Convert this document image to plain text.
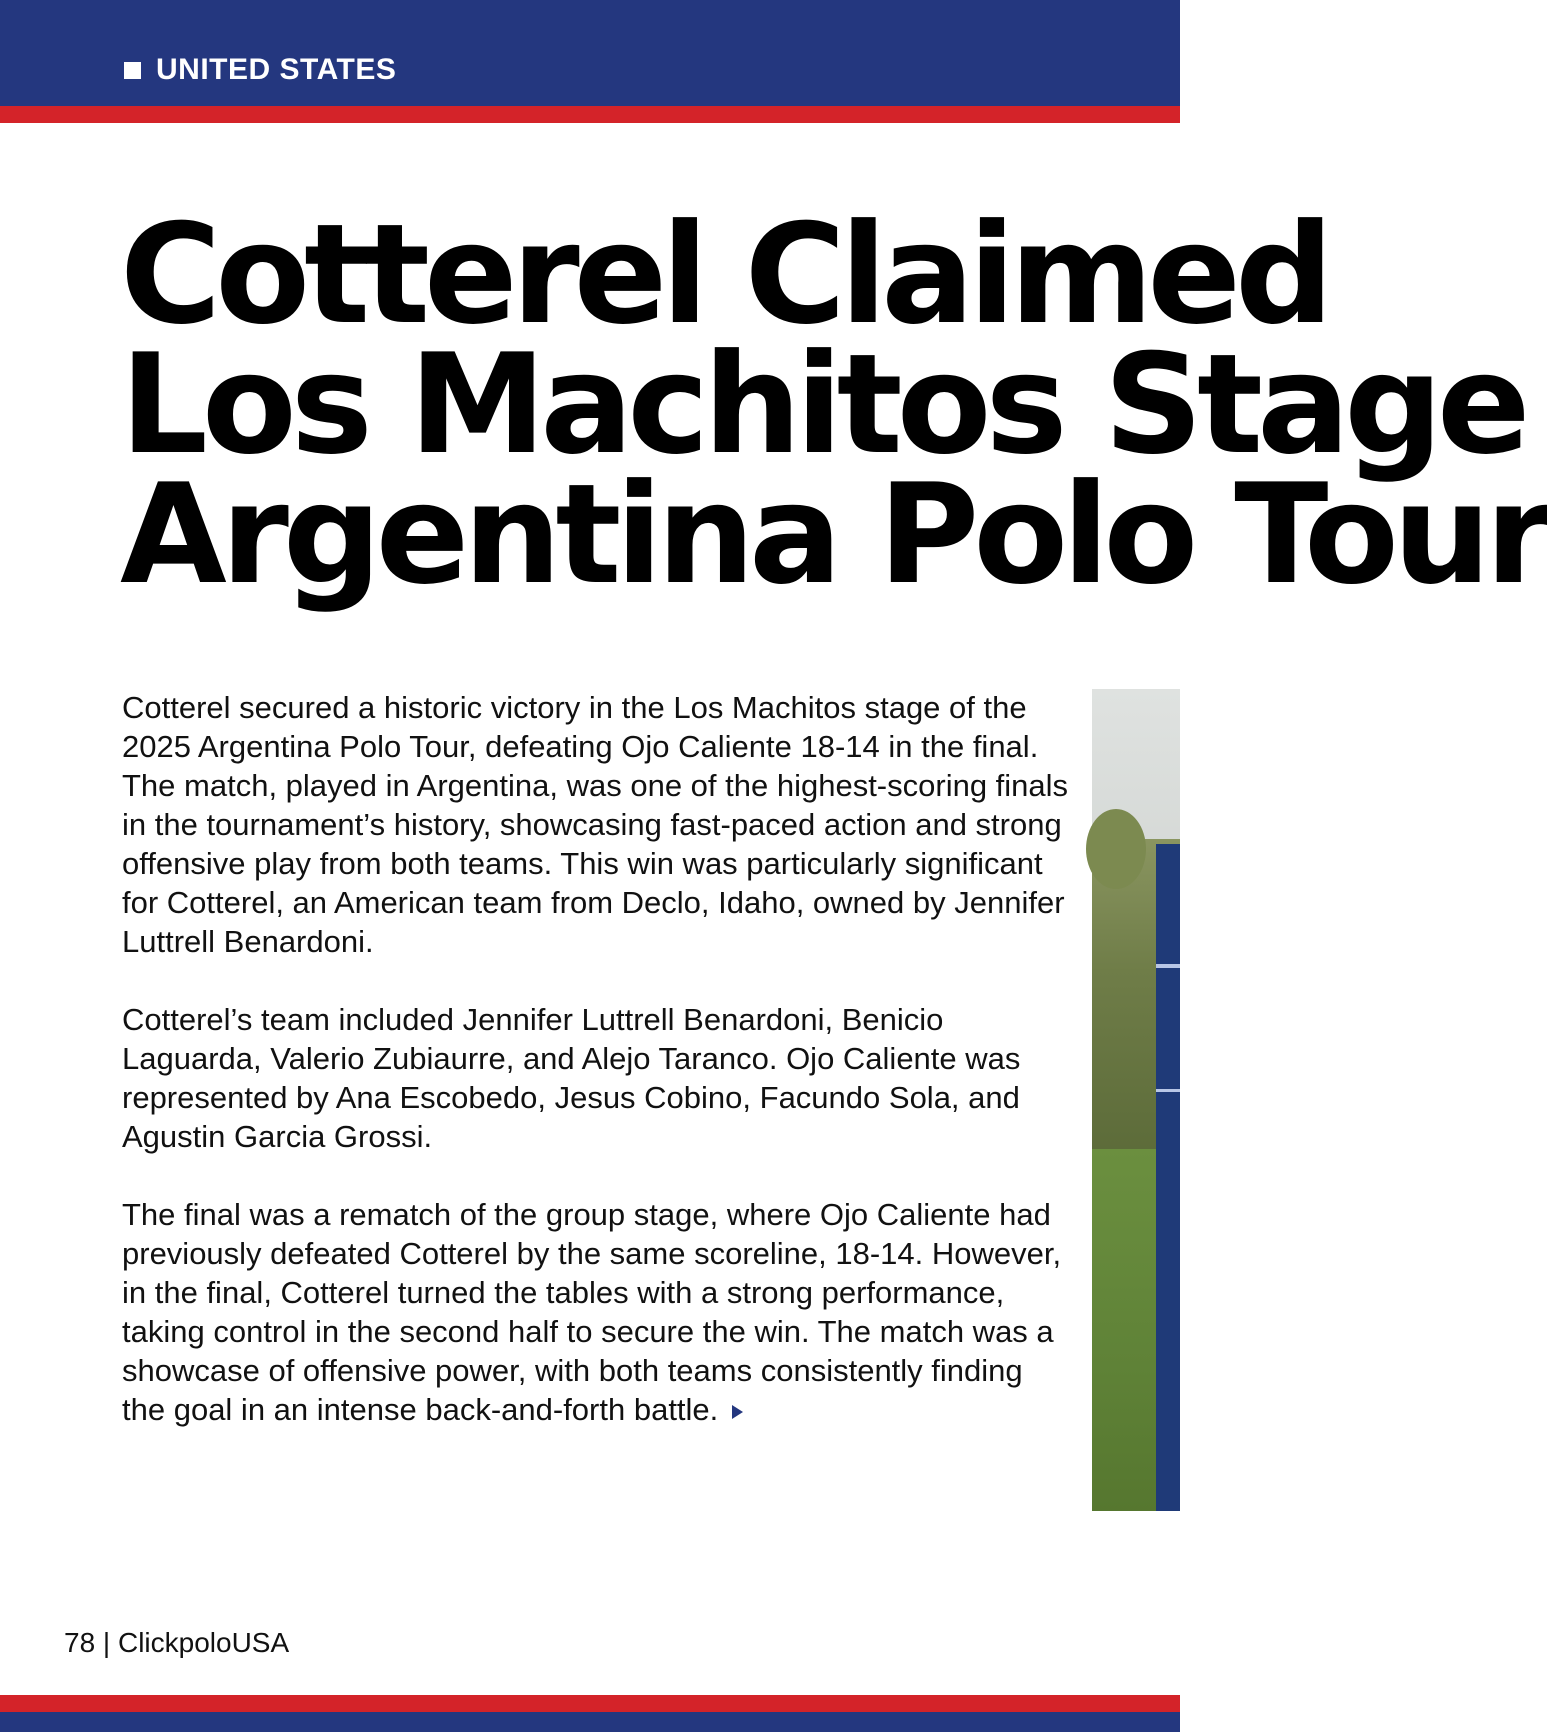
UNITED STATES
Cotterel Claimed
Los Machitos Stage
Argentina Polo Tour

Cotterel secured a historic victory in the Los Machitos stage of the 2025 Argentina Polo Tour, defeating Ojo Caliente 18-14 in the final. The match, played in Argentina, was one of the highest-scoring finals in the tournament’s history, showcasing fast-paced action and strong offensive play from both teams. This win was particularly significant for Cotterel, an American team from Declo, Idaho, owned by Jennifer Luttrell Benardoni.

Cotterel’s team included Jennifer Luttrell Benardoni, Benicio Laguarda, Valerio Zubiaurre, and Alejo Taranco. Ojo Caliente was represented by Ana Escobedo, Jesus Cobino, Facundo Sola, and Agustin Garcia Grossi.

The final was a rematch of the group stage, where Ojo Caliente had previously defeated Cotterel by the same scoreline, 18-14. However, in the final, Cotterel turned the tables with a strong performance, taking control in the second half to secure the win. The match was a showcase of offensive power, with both teams consistently finding the goal in an intense back-and-forth battle.

78 | ClickpoloUSA
